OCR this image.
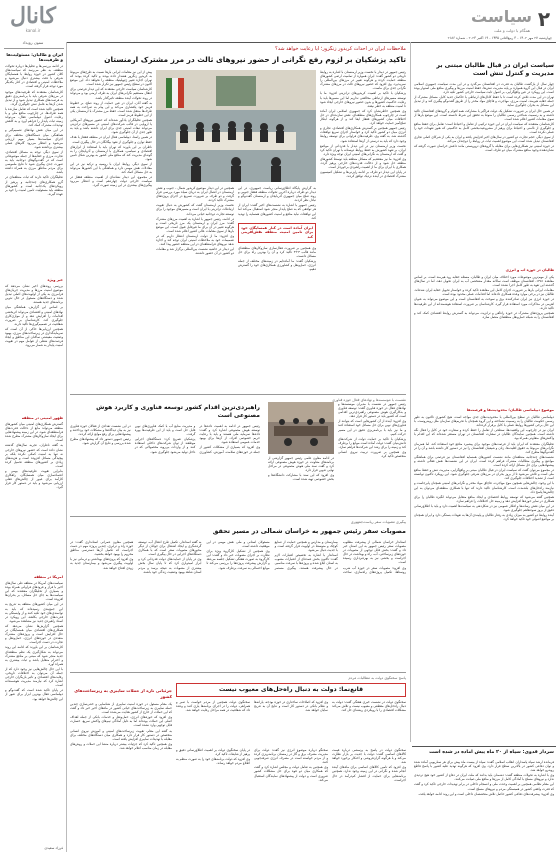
کانال
kanal.ir
ستون رویداد
۲
سیاست
همگام با دولت و ملت
چهارشنبه ۲۷ مهر ۱۴۰۲ - ۳ ربیع‌الثانی ۱۴۴۵ - ۱۹ اکتبر ۲۰۲۳ - شماره ۲۱۸۶
ایران و طالبان: مسئولیت‌ها و ظرفیت‌ها

در ادامه بررسی‌ها و تحلیل‌ها درباره تحولات منطقه، به نظر می‌رسد که سیاست‌های کلان کشور در حوزه روابط با همسایگان شرقی با دقت بیشتری دنبال می‌شود و ملاحظات امنیتی و اقتصادی در کنار یکدیگر مورد توجه قرار گرفته است.

کارشناسان معتقدند که ظرفیت‌های موجود در مرزهای شرقی باید با برنامه‌ریزی دقیق به فرصت‌های همکاری تبدیل شود و از تبدیل شدن آن‌ها به عامل تنش جلوگیری گردد.

همچنین تاکید شده است که تعامل سازنده با همه طرف‌ها، در چارچوب منافع ملی و با رعایت اصول دیپلماسی فعال، می‌تواند زمینه ثبات پایدار را فراهم آورد و به کاهش تهدیدات مشترک کمک کند.

در این میان نقش نهادهای تصمیم‌گیر و هماهنگی میان دستگاه‌های مختلف برای اجرای سیاست‌ها بسیار مهم ارزیابی می‌شود و انتظار می‌رود گام‌های عملی بیشتری برداشته شود.

از سوی دیگر، توجه به مسائل اقتصادی، تجارت مرزی و حقابه‌ها از جمله موضوعاتی است که در گفت‌وگوهای دوجانبه باید به صورت جدی پیگیری شود تا نتایج ملموسی برای مردم مناطق مرزی به همراه داشته باشد.

تحلیلگران تاکید دارند که ثبات منطقه‌ای در گرو همکاری‌های چندجانبه و پرهیز از رویکردهای یک‌جانبه است و کشورهای منطقه باید مسئولیت تامین امنیت را خود بر عهده گیرند.

خبر ویژه

بررسی روندهای اخیر نشان می‌دهد که موضوع امنیت مرزها و مدیریت جریان‌های فرامرزی به یکی از اولویت‌های اصلی تبدیل شده و دستگاه‌های مسئول در حال تدوین برنامه‌های جدید هستند.

بر اساس این گزارش، هماهنگی میان نهادهای امنیتی و اقتصادی می‌تواند اثربخشی اقدامات را افزایش دهد و از موازی‌کاری جلوگیری کند. کارشناسان بر ضرورت شفافیت در تصمیم‌گیری‌ها تاکید دارند.

همچنین ارزیابی‌ها حاکی از آن است که سرمایه‌گذاری در زیرساخت‌های مرزی، بهبود وضعیت معیشتی ساکنان این مناطق و ایجاد فرصت‌های شغلی از عوامل مهم در تقویت امنیت پایدار به شمار می‌رود.

ظهور امنیتی در منطقه

گسترش همکاری‌های امنیتی میان کشورهای منطقه می‌تواند مانع از دخالت قدرت‌های فرامنطقه‌ای شود. در این زمینه پیشنهادهایی برای ایجاد سازوکارهای مشترک مطرح شده است.

به گفته ناظران، تجربه سال‌های گذشته نشان داده است که حضور نیروهای خارجی نه تنها به امنیت کمکی نکرده بلکه بر پیچیدگی مسائل افزوده است و هزینه‌های زیادی بر کشورهای منطقه تحمیل کرده است.

بنابراین تقویت ظرفیت‌های بومی و اعتمادسازی میان همسایگان، راهکاری کارآمد برای عبور از چالش‌های فعلی ارزیابی می‌شود و باید در دستور کار قرار گیرد.

آمریکا در منطقه

سیاست‌های آمریکا در منطقه طی سال‌های اخیر با فراز و فرودهای فراوانی همراه بوده و بسیاری از تحلیلگران معتقدند که این سیاست‌ها به جای حل مسائل، بر بحران‌ها افزوده است.

در این میان کشورهای منطقه به تدریج به این جمع‌بندی رسیده‌اند که باید به توانمندی‌های خود تکیه کنند و از وابستگی به قدرت‌های خارجی بکاهند. این رویکرد در اسناد راهبردی جدید نیز مشاهده می‌شود.

همچنین گزارش‌ها نشان می‌دهد که همکاری‌های اقتصادی میان همسایگان در حال افزایش است و پروژه‌های مشترک متعددی در حوزه‌های انرژی، حمل‌ونقل و تجارت در دست اجراست.

کارشناسان بر این باورند که ادامه این روند می‌تواند به شکل‌گیری یک نظم منطقه‌ای جدید منجر شود که مبتنی بر منافع مشترک و احترام متقابل باشد و ثبات بیشتری به همراه آورد.

با این حال چالش‌هایی نیز وجود دارد که از جمله آن می‌توان به اختلافات تاریخی، رقابت‌های اقتصادی و تاثیر بازیگران خارجی اشاره کرد که نیازمند مدیریت هوشمندانه است.

در پایان تاکید شده است که گفت‌وگو و دیپلماسی فعال بهترین ابزار برای عبور از این چالش‌ها خواهد بود.

فرزاد سعیدی
سیاست ایران در قبال طالبان مبتنی بر مدیریت و کنترل تنش است

چهار سال از بازگشت طالبان به قدرت در افغانستان می‌گذرد و در این مدت سیاست جمهوری اسلامی ایران در قبال این گروه همواره بر پایه مدیریت تنش‌ها، حفظ امنیت مرزها و پیگیری منافع ملی استوار بوده است. این رویکرد در عین واقع‌گرایی، بر اصول ثابت سیاست خارجی کشور تکیه دارد.

تهران در این مدت تلاش کرده است تا با حفظ کانال‌های ارتباطی با حاکمان جدید کابل، مسائل مشترک از جمله حقابه هیرمند، امنیت مرزی، مهاجرت و قاچاق مواد مخدر را از طریق گفت‌وگو پیگیری کند و از تبدیل این مسائل به بحران جلوگیری نماید.

در همین حال ایران بر ضرورت تشکیل یک دولت فراگیر با مشارکت همه اقوام و گروه‌های افغانستان تاکید داشته و به رسمیت شناختن رسمی طالبان را منوط به تحقق این شرط دانسته است. این موضع بارها از سوی مقامات کشور اعلام شده است.

کارشناسان معتقدند که سیاست ایران در این حوزه ترکیبی از تعامل و احتیاط است؛ تعامل برای حفظ منافع و جلوگیری از ناامنی و احتیاط برای پرهیز از مشروعیت‌بخشی کامل به حاکمیتی که هنوز تعهدات خود را عملی نکرده است.

از سوی دیگر، حجم تجارت دو کشور در سال‌های اخیر افزایش یافته و ایران به یکی از شرکای اصلی تجاری افغانستان تبدیل شده است. این موضوع اهمیت ثبات در روابط را دوچندان می‌کند.

در حوزه امنیتی نیز همکاری‌هایی برای مقابله با گروه‌های تروریستی مانند داعش خراسان صورت گرفته که نشان‌دهنده وجود منافع مشترک میان دو طرف است.

طالبان در حوزه آب و انرژی

یکی از مهم‌ترین موضوعات مورد اختلاف میان ایران و طالبان، مسئله حقابه رود هیرمند است. بر اساس معاهده ۱۳۵۱، افغانستان موظف است سالانه مقدار مشخصی آب به ایران تحویل دهد، اما در سال‌های گذشته این تعهد به طور کامل اجرا نشده است.

مقامات ایرانی بارها بر ضرورت اجرای کامل این معاهده تاکید کرده و خواستار تحویل حقابه ایران شده‌اند. طالبان نیز در برخی موارد وعده همکاری داده‌اند اما اقدامات عملی محدود بوده است.

در حوزه انرژی نیز ایران صادرکننده برق و سوخت به افغانستان است و این موضوع می‌تواند به عنوان اهرمی در مذاکرات مورد استفاده قرار گیرد. کارشناسان بر ضرورت استفاده هوشمندانه از این ظرفیت‌ها تاکید دارند.

همچنین پروژه‌های مشترک در حوزه راه‌آهن و ترانزیت می‌تواند به گسترش روابط اقتصادی کمک کند و افغانستان را به شبکه حمل‌ونقل منطقه‌ای متصل سازد.

موضوع دیپلماسی طالبان؛ محدودیت‌ها و فرصت‌ها

دیپلماسی طالبان در سطح بین‌المللی با محدودیت‌های جدی مواجه است. هیچ کشوری تاکنون به طور رسمی حکومت طالبان را به رسمیت نشناخته و این گروه همچنان با تحریم‌های سازمان ملل روبه‌روست. با این حال برخی کشورها روابط عملی با کابل برقرار کرده‌اند.

ایران نیز در چارچوب این واقعیت‌ها، سطحی از تعامل را حفظ کرده و سفارت خود در کابل را فعال نگه داشته است. همچنین نمایندگان طالبان در سفارت افغانستان در تهران مستقر شده‌اند که این اقدام با واکنش‌های متفاوتی همراه بود.

تحلیلگران معتقدند که ایران باید از فرصت‌های موجود برای پیشبرد منافع خود استفاده کند، اما همزمان نگرانی‌های مربوط به حقوق اقلیت‌ها، زنان و شیعیان افغانستان را نیز در دستور کار داشته باشد و آن را در گفت‌وگوها مطرح کند.

نشست‌های چندجانبه منطقه‌ای مانند نشست کشورهای همسایه افغانستان نیز فرصتی برای هماهنگی مواضع و پیگیری مطالبات مشترک فراهم کرده است. ایران در این نشست‌ها نقش فعالی داشته و پیشنهادهایی برای حل مسائل ارائه کرده است.

در مجموع می‌توان گفت که سیاست ایران در قبال طالبان مبتنی بر واقع‌گرایی، مدیریت تنش و حفظ منافع ملی است و تلاش می‌شود تا از بروز بحران در مرزهای شرقی جلوگیری شود. این رویکرد تاکنون توانسته است از تشدید اختلافات جلوگیری کند.

با این وجود، چالش‌هایی همچون موج مهاجرت، قاچاق مواد مخدر و نگرانی‌های امنیتی همچنان پابرجاست و نیازمند راه‌حل‌های بلندمدت است. کارشناسان تاکید دارند که تنها با همکاری منطقه‌ای می‌توان به این چالش‌ها پاسخ داد.

همچنین گفته می‌شود که توسعه روابط اقتصادی و ایجاد منافع متقابل می‌تواند انگیزه طالبان را برای همکاری در سایر حوزه‌ها افزایش دهد و زمینه حل اختلافات را فراهم سازد.

در این میان نقش رسانه‌ها و افکار عمومی نیز در شکل‌دهی به سیاست‌ها اهمیت دارد و باید با اطلاع‌رسانی دقیق از بروز سوءتفاهم جلوگیری شود.

آینده روابط دو کشور به میزان زیادی به رفتار طالبان و پایبندی آن‌ها به تعهدات بستگی دارد و ایران همچنان بر مواضع اصولی خود تاکید خواهد کرد.

ملاحظات ایران در احداث کریدور زنگزور؛ آیا رعایت خواهد شد؟
تاکید پزشکیان بر لزوم رفع نگرانی از حضور نیروهای ثالث در مرز مشترک ارمنستان

رئیس جمهور در دیدار با نخست وزیر ارمنستان با اشاره به روابط تاریخی دو کشور گفت: ایران همواره از تمامیت ارضی کشورهای منطقه حمایت کرده و هرگونه تغییر در مرزهای بین‌المللی را نمی‌پذیرد. وی افزود که حضور نیروهای ثالث در مرزهای مشترک نگرانی جدی برای ماست.

پزشکیان با تاکید بر اهمیت کریدورهای ترانزیتی افزود: ما با توسعه مسیرهای ارتباطی مخالفتی نداریم اما این مسیرها باید با رعایت حاکمیت کشورها و بدون حضور نیروهای خارجی ایجاد شود تا امنیت منطقه به خطر نیفتد.

وی همچنین خاطرنشان کرد که جمهوری اسلامی ایران آماده است در چارچوب همکاری‌های منطقه‌ای، نقش سازنده‌ای در حل اختلافات میان کشورهای قفقاز ایفا کند و از هرگونه ابتکار صلح‌آمیز حمایت خواهد کرد.

رئیس جمهور همچنین بر گسترش همکاری‌های اقتصادی، تجاری و انرژی میان دو کشور تاکید کرد و خواستار اجرای سریع توافقات گذشته شد. به گفته وی، ظرفیت‌های فراوانی برای توسعه روابط وجود دارد که باید به درستی از آن‌ها استفاده شود.

نخست وزیر ارمنستان نیز در این دیدار با قدردانی از مواضع ایران، بر تعهد کشورش به حفظ روابط دوستانه با تهران تاکید کرد و گفت که ارمنستان به نگرانی‌های امنیتی ایران توجه ویژه دارد.

وی افزود: ما نیز معتقدیم که مسائل منطقه باید توسط کشورهای منطقه حل شود و از دخالت قدرت‌های خارجی پرهیز گردد. همکاری با ایران برای ما از اهمیت راهبردی برخوردار است.

در پایان این دیدار دو طرف بر ادامه رایزنی‌ها و تشکیل کمیسیون مشترک اقتصادی در آینده نزدیک توافق کردند.

به گزارش پایگاه اطلاع‌رسانی ریاست جمهوری، در این دیدار دو طرف درباره آخرین تحولات منطقه قفقاز جنوبی و روند صلح میان جمهوری آذربایجان و ارمنستان گفت‌وگو و تبادل نظر کردند.

رئیس جمهور با اشاره به نشست‌های اخیر گفت: ایران از هر توافقی که به صلح پایدار منجر شود استقبال می‌کند اما این توافقات نباید منافع و امنیت کشورهای همسایه را تهدید کند.

ایران آماده است در کنار همسایگان خود برای تامین امنیت منطقه نقش‌آفرینی کند

وی همچنین بر ضرورت فعال‌سازی سازوکارهای منطقه‌ای مانند قالب ۳+۳ تاکید کرد و آن را بهترین راه برای حل مسائل دانست.

پزشکیان گفت: ما آماده‌ایم در زمینه‌های مختلف از جمله انرژی، حمل‌ونقل و کشاورزی همکاری‌های خود را گسترش دهیم.

همچنین در این دیدار موضوع کریدور شمال - جنوب و نقش ارمنستان در اتصال ایران به دریای سیاه مورد بررسی قرار گرفت و دو طرف بر ضرورت تسریع در اجرای پروژه‌های مشترک تاکید کردند.

نخست وزیر ارمنستان گفت که کشورش به دنبال تقویت ارتباطات ترانزیتی با ایران است و مسیرهای موجود را برای توسعه تجارت دوجانبه حیاتی می‌داند.

در ادامه، رئیس جمهور با اشاره به اهمیت مرزهای مشترک گفت: مرز ایران و ارمنستان یک مرز تاریخی است و هرگونه تغییر در آن برای ما غیرقابل قبول است. این موضع بارها از سوی مقامات عالی کشور اعلام شده است.

وی افزود: ما از دولت ارمنستان انتظار داریم که در تصمیمات خود به ملاحظات امنیتی ایران توجه کند و اجازه ندهد نیروهای فرامنطقه‌ای در این منطقه حضور پیدا کنند.

این دیدار در حاشیه نشست بین‌المللی برگزار شد و مقامات دو کشور در آن حضور داشتند.

پیش از این نیز مقامات ایرانی بارها نسبت به طرح‌های مربوط به کریدور زنگزور هشدار داده بودند و تاکید کرده بودند که تهران اجازه تغییر ژئوپلیتیک منطقه را نخواهد داد. این موضع اکنون در سطح رئیس جمهور نیز تکرار شده است.

کارشناسان سیاست خارجی معتقدند که این دیدار فرصتی برای انتقال مستقیم نگرانی‌های ایران به طرف ارمنی بود و می‌تواند در روند تحولات آینده منطقه تاثیرگذار باشد.

به گفته آنان، ایران در عین حمایت از روند صلح، بر خطوط قرمز خود پافشاری می‌کند و این پیام به صراحت به همه طرف‌ها منتقل شده است. حفظ مرز مشترک با ارمنستان یکی از این خطوط قرمز است.

همچنین تحلیلگران یادآور شده‌اند که حضور نیروهای آمریکایی یا اروپایی در قالب شرکت‌های امنیتی در مسیرهای ترانزیتی می‌تواند تبعات امنیتی جدی برای ایران داشته باشد و باید به طور جدی از آن جلوگیری شود.

در همین راستا، دیپلماسی فعال ایران در منطقه قفقاز با هدف حفظ توازن و جلوگیری از نفوذ بیگانگان در حال پیگیری است.

ناظران بر این باورند که تهران باید با استفاده از ابزارهای اقتصادی و سیاسی، همکاری با ارمنستان و آذربایجان را به گونه‌ای مدیریت کند که منافع ملی کشور به بهترین شکل تامین شود.

از سوی دیگر، روابط ایران با روسیه و ترکیه نیز در این معادلات نقش مهمی دارد و هماهنگی با این کشورها می‌تواند به حل مسائل کمک کند.

در مجموع، این دیدار نشانه‌ای از اهمیت منطقه قفقاز در سیاست خارجی دولت چهاردهم است و انتظار می‌رود پیگیری‌های بیشتری در این زمینه صورت گیرد.

نشست با موسسه‌ها و نهادهای فعال حوزه فناوری
راهبردی‌ترین اقدام کشور توسعه فناوری و کاربرد هوش مصنوعی است

رئیس جمهور در نشست با مدیران موسسه‌ها و نهادهای فعال در حوزه فناوری گفت: توسعه فناوری و به‌کارگیری هوش مصنوعی راهبردی‌ترین اقدامی است که کشور باید در دستور کار قرار دهد.

وی افزود: آینده از آن کشورهایی است که بتوانند از فناوری‌های نوین برای حل مسائل خود استفاده کنند و ما نیز باید با برنامه‌ریزی دقیق در این مسیر حرکت کنیم.

پزشکیان با تاکید بر حمایت دولت از شرکت‌های دانش‌بنیان گفت: دولت آماده است موانع را برطرف کند و زمینه را برای رشد این شرکت‌ها فراهم سازد.

وی همچنین بر ضرورت تربیت نیروی انسانی متخصص تاکید کرد.

رئیس جمهور در ادامه به اهمیت داده‌ها در توسعه هوش مصنوعی اشاره کرد و گفت: داده‌ها سرمایه ملی هستند و باید با رعایت حریم خصوصی افراد، از آن‌ها برای بهبود خدمات عمومی استفاده شود.

وی افزود که بسیاری از مشکلات کشور از جمله در حوزه‌های سلامت، آموزش، کشاورزی و مدیریت منابع آب با کمک فناوری‌های نوین قابل حل است و باید از این ظرفیت‌ها بهره گرفت.

پزشکیان تصریح کرد: دستگاه‌های اجرایی موظفند از توان شرکت‌های داخلی استفاده کنند و از واردات بی‌رویه محصولاتی که در داخل تولید می‌شود جلوگیری شود.

در این نشست تعدادی از فعالان حوزه فناوری نیز به بیان دیدگاه‌ها و مشکلات خود پرداختند و پیشنهادهایی برای رفع موانع ارائه کردند.

رئیس جمهور دستور داد که پیشنهادهای مطرح شده بررسی و نتایج آن گزارش شود.

در ادامه معاون علمی رئیس جمهور گزارشی از برنامه‌های معاونت در حوزه هوش مصنوعی ارائه کرد و گفت سند ملی هوش مصنوعی در مراحل نهایی تدوین قرار دارد.

وی افزود که این سند با مشارکت دانشگاه‌ها و بخش خصوصی تهیه شده است.

پیگیری مصوبات سفر ریاست‌جمهوری
مصوبات سفر رئیس جمهور به خراسان شمالی در مسیر تحقق

استاندار خراسان شمالی از پیشرفت مطلوب مصوبات سفر رئیس جمهور به این استان خبر داد و گفت: بخش قابل توجهی از مصوبات در حوزه‌های زیرساختی، آب، راه و بهداشت در حال اجراست و بخشی نیز به بهره‌برداری رسیده است.

وی افزود: مصوبات سفر در حوزه آب شرب روستاها، تکمیل پروژه‌های راه‌سازی، ساخت بیمارستان و مدارس و همچنین حمایت از صنایع کوچک و متوسط در اولویت قرار گرفته است و با جدیت دنبال می‌شود.

استاندار با اشاره به تخصیص اعتبارات لازم گفت: تاکنون بخش عمده‌ای از اعتبارات مصوب به استان ابلاغ شده و پروژه‌ها با سرعت مناسبی در حال پیشرفت هستند. پیگیری مستمر مسئولان استانی و ملی نقش مهمی در این موفقیت داشته است.

وی همچنین از تشکیل کارگروه ویژه برای نظارت بر اجرای مصوبات خبر داد و گفت: این کارگروه به صورت هفتگی تشکیل جلسه می‌دهد و گزارش پیشرفت پروژه‌ها را بررسی می‌کند تا موانع احتمالی به سرعت برطرف شود.

به گفته استاندار، تکمیل طرح انتقال آب، توسعه گردشگری و ایجاد اشتغال برای جوانان از دیگر محورهای مصوبات سفر است که با همکاری دستگاه‌های اجرایی در حال پیگیری است.

وی در پایان از حمایت‌های دولت قدردانی کرد و ابراز امیدواری کرد که تا پایان سال بخش بیشتری از مصوبات به نتیجه برسد و مردم استان شاهد بهبود وضعیت زندگی خود باشند.

همچنین معاون عمرانی استانداری گفت: در حوزه راه و ترابری، چندین پروژه مهم در دست اجراست که تکمیل آن‌ها دسترسی مناطق محروم را بهبود خواهد بخشید.

وی افزود که پروژه‌های بهداشتی و درمانی نیز با اولویت پیگیری می‌شود و بیمارستان جدید به زودی افتتاح خواهد شد.

پاسخ سخنگوی دولت به مطالبات مردم
قانع‌نما: دولت به دنبال راه‌حل‌های معیوب نیست

سخنگوی دولت در نشست خبری هفتگی گفت: دولت به دنبال راه‌حل‌های مقطعی و معیوب نیست و تلاش می‌کند مشکلات اقتصادی را با رویکردی ریشه‌ای حل کند.

وی افزود که اصلاحات ساختاری در حوزه بودجه، یارانه‌ها و نظام بانکی در دستور کار است و نتایج آن به تدریج نمایان خواهد شد.

سخنگوی دولت همچنین از مردم خواست با صبر و همراهی، دولت را در اجرای برنامه‌ها یاری کنند و وعده داد که شفافیت در همه مراحل رعایت خواهد شد.

جزئیاتی تازه از حملات سایبری به زیرساخت‌های کشور

یک مقام مسئول در حوزه امنیت سایبری از شناسایی و خنثی‌سازی چندین حمله سایبری به زیرساخت‌های حیاتی کشور در ماه‌های اخیر خبر داد و گفت که این حملات از خارج از کشور هدایت می‌شده است.

وی افزود که حوزه‌های انرژی، حمل‌ونقل و خدمات بانکی از جمله اهداف اصلی این حملات بوده‌اند اما به دلیل آمادگی تیم‌های واکنش سریع، خسارت قابل توجهی وارد نشده است.

به گفته این مقام، تقویت زیرساخت‌های امنیتی و آموزش نیروی انسانی متخصص در دستور کار قرار دارد و همکاری میان دستگاه‌های مختلف برای مقابله با تهدیدات سایبری افزایش یافته است.

وی همچنین تاکید کرد که جزئیات بیشتر درباره منشا این حملات و روش‌های مقابله در زمان مناسب اعلام خواهد شد.

سخنگوی دولت در پاسخ به پرسشی درباره قیمت کالاهای اساسی گفت: دولت با جدیت بر بازار نظارت می‌کند و با هرگونه گران‌فروشی و احتکار برخورد خواهد شد.

وی افزود که تامین کالاهای اساسی برای ماه‌های آینده انجام شده و نگرانی در این زمینه وجود ندارد. همچنین برنامه‌هایی برای حمایت از اقشار کم‌درآمد در حال اجراست.

سخنگو درباره موضوع انرژی نیز گفت: دولت برای مدیریت مصرف برق و گاز در زمستان برنامه‌ریزی کرده و از مردم خواسته است در مصرف انرژی صرفه‌جویی کنند.

وی همچنین به تعامل دولت و مجلس اشاره کرد و گفت که همکاری میان دو قوه برای حل مشکلات کشور ضروری است و دولت از پیشنهادهای نمایندگان استقبال می‌کند.

در پایان سخنگوی دولت بر اهمیت اطلاع‌رسانی دقیق و پرهیز از شایعات تاکید کرد.

وی افزود که دولت برنامه‌های خود را به صورت منظم به اطلاع مردم خواهد رساند.

سردار قدوی: سپاه از ۲۰ ماه پیش آماده در شده است

فرمانده ارشد سپاه پاسداران انقلاب اسلامی گفت: سپاه از بیست ماه پیش برای هر سناریویی آماده شده و توان دفاعی کشور در بالاترین سطح قرار دارد. وی افزود که هرگونه تهدید علیه کشور با پاسخ قاطع روبه‌رو خواهد شد.

وی با اشاره به تحولات منطقه گفت: دشمنان باید بدانند که ملت ایران در دفاع از کشور خود هیچ تردیدی ندارد و نیروهای مسلح با آمادگی کامل از مرزها و منافع ملی صیانت می‌کنند.

این مقام نظامی همچنین بر اهمیت وحدت ملی و انسجام داخلی در برابر تهدیدات خارجی تاکید کرد و گفت که قدرت واقعی کشور در همبستگی مردم و نیروهای مسلح است.

وی افزود: پیشرفت‌های دفاعی کشور حاصل تلاش متخصصان داخلی است و این روند ادامه خواهد یافت.
